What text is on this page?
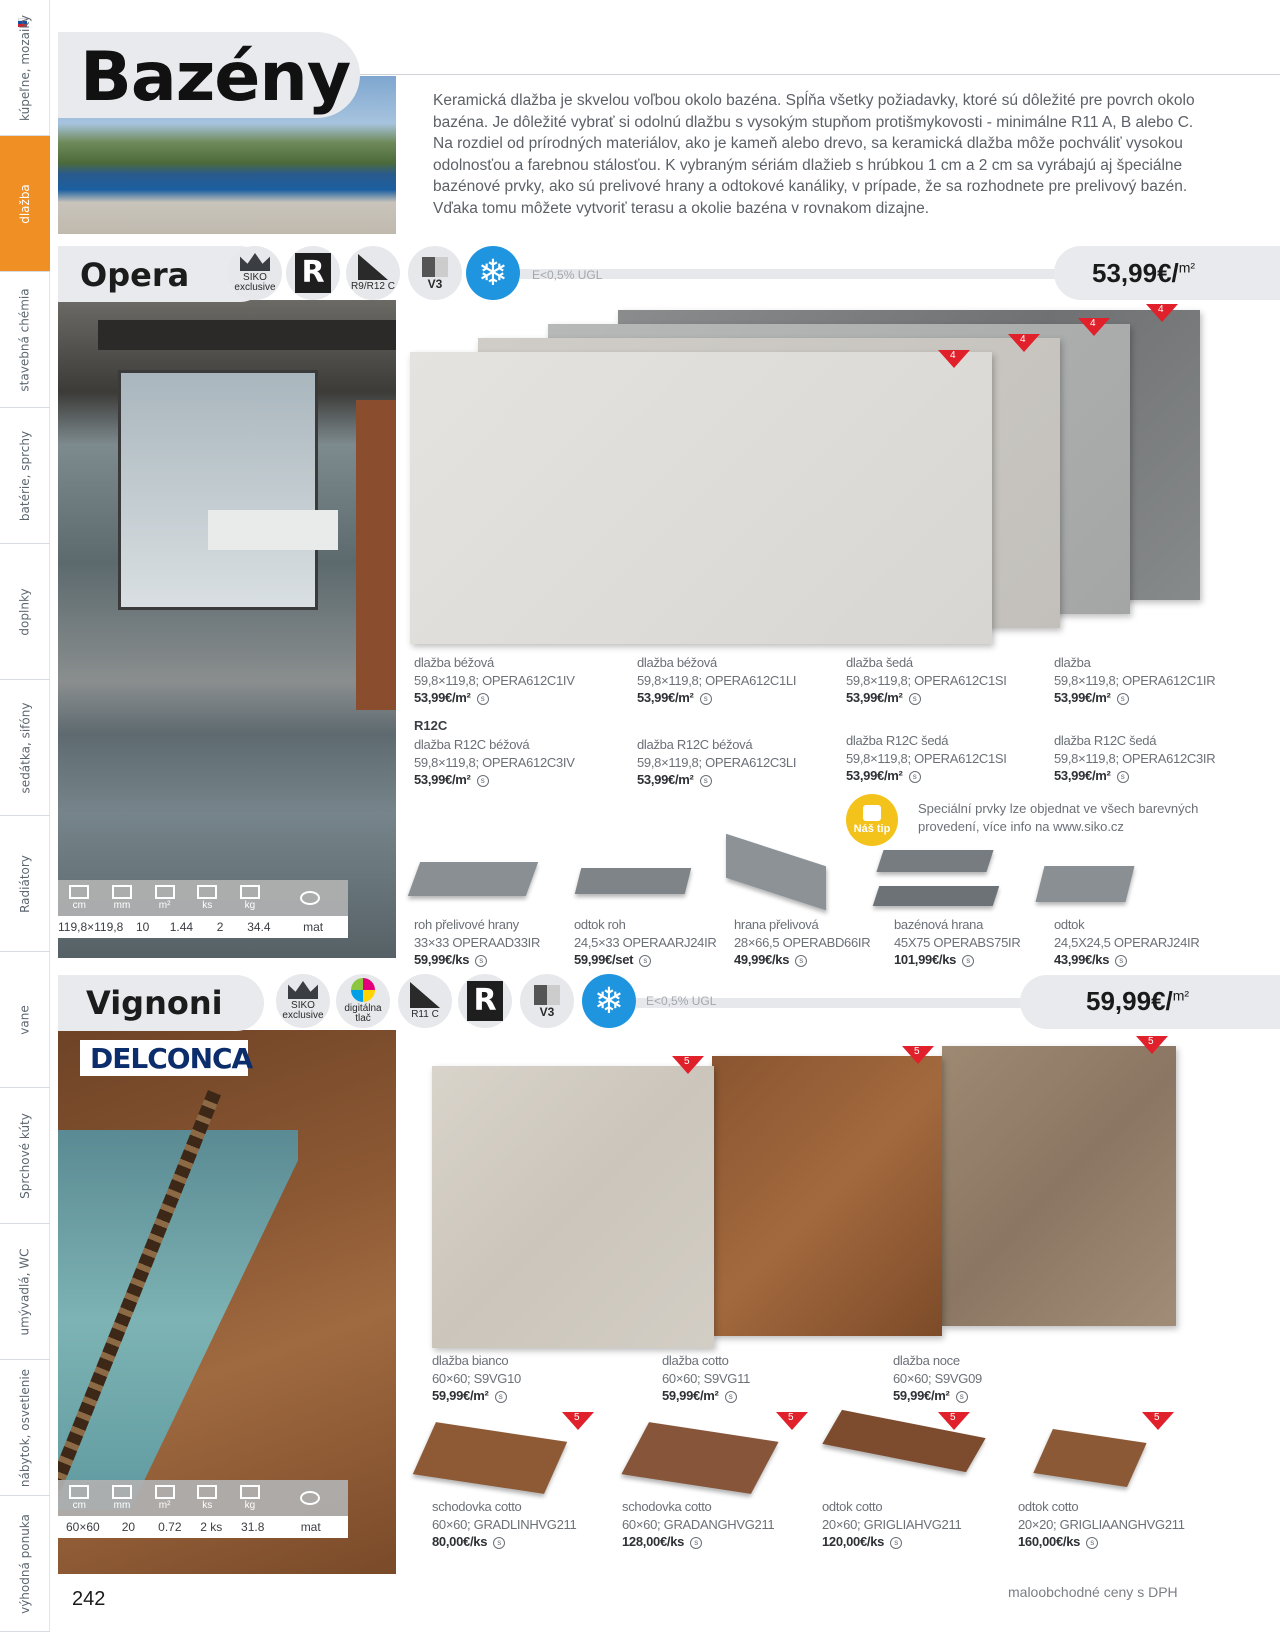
kúpeľne, mozaiky
dlažba
stavebná chémia
batérie, sprchy
doplnky
sedátka, sifóny
Radiátory
vane
Sprchové kúty
umývadlá, WC
nábytok, osvetlenie
výhodná ponuka
Bazény	Keramická dlažba je skvelou voľbou okolo bazéna. Spĺňa všetky požiadavky, ktoré sú dôležité pre povrch okolo bazéna. Je dôležité vybrať si odolnú dlažbu s vysokým stupňom protišmykovosti - minimálne R11 A, B alebo C. Na rozdiel od prírodných materiálov, ako je kameň alebo drevo, sa keramická dlažba môže pochváliť vysokou odolnosťou a farebnou stálosťou. K vybraným sériám dlažieb s hrúbkou 1 cm a 2 cm sa vyrábajú aj špeciálne bazénové prvky, ako sú prelivové hrany a odtokové kanáliky, v prípade, že sa rozhodnete pre prelivový bazén. Vďaka tomu môžete vytvoriť terasu a okolie bazéna v rovnakom dizajne.

Opera	SIKO
exclusive R	R9/R12 C	V3 ❄ E<0,5% UGL	53,99€/$^{m^2}$
4
4
4
4
dlažba béžová
59,8×119,8; OPERA612C1IV
53,99€/m² s
dlažba béžová
59,8×119,8; OPERA612C1LI
53,99€/m² s
dlažba šedá
59,8×119,8; OPERA612C1SI
53,99€/m² s
dlažba
59,8×119,8; OPERA612C1IR
53,99€/m² s
R12C
dlažba R12C béžová
59,8×119,8; OPERA612C3IV
53,99€/m² s
dlažba R12C béžová
59,8×119,8; OPERA612C3LI
53,99€/m² s
dlažba R12C šedá
59,8×119,8; OPERA612C1SI
53,99€/m² s
dlažba R12C šedá
59,8×119,8; OPERA612C3IR
53,99€/m² s
Náš tip
Speciální prvky lze objednat ve všech barevných
provedení, více info na www.siko.cz
roh přelivové hrany
33×33 OPERAAD33IR
59,99€/ks s
odtok roh
24,5×33 OPERAARJ24IR
59,99€/set s
hrana přelivová
28×66,5 OPERABD66IR
49,99€/ks s
bazénová hrana
45X75 OPERABS75IR
101,99€/ks s
odtok
24,5X24,5 OPERARJ24IR
43,99€/ks s
cm	mm	m²	ks	kg
119,8×119,8	10	1.44	2	34.4	mat
DELCONCA
Vignoni	SIKO
exclusive
digitálna
tlač	R11 C R	V3 ❄ E<0,5% UGL	59,99€/$^{m^2}$
5
5
5
dlažba bianco
60×60; S9VG10
59,99€/m² s
dlažba cotto
60×60; S9VG11
59,99€/m² s
dlažba noce
60×60; S9VG09
59,99€/m² s
5	5	5	5
schodovka cotto
60×60; GRADLINHVG211
80,00€/ks s
schodovka cotto
60×60; GRADANGHVG211
128,00€/ks s
odtok cotto
20×60; GRIGLIAHVG211
120,00€/ks s
odtok cotto
20×20; GRIGLIAANGHVG211
160,00€/ks s
cm	mm	m²	ks	kg
60×60	20	0.72	2 ks	31.8	mat
242	maloobchodné ceny s DPH
